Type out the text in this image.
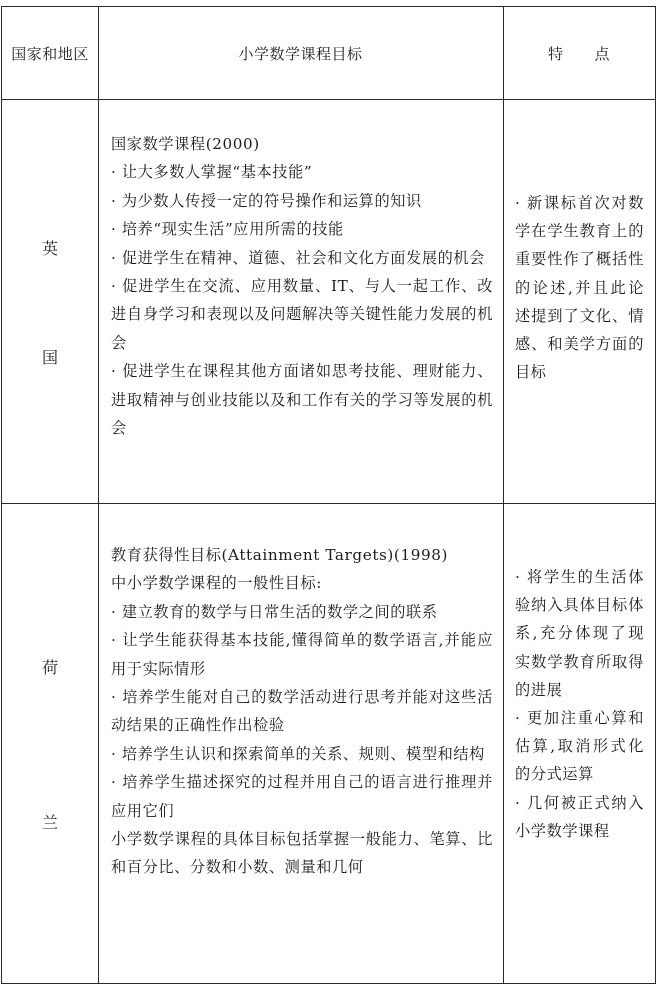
国家和地区	小学数学课程目标	特　　点
英
国

国家数学课程(2000)

· 让大多数人掌握“基本技能”

· 为少数人传授一定的符号操作和运算的知识

· 培养“现实生活”应用所需的技能

· 促进学生在精神、道德、社会和文化方面发展的机会

· 促进学生在交流、应用数量、IT、与人一起工作、改进自身学习和表现以及问题解决等关键性能力发展的机会

· 促进学生在课程其他方面诸如思考技能、理财能力、进取精神与创业技能以及和工作有关的学习等发展的机会

· 新课标首次对数学在学生教育上的重要性作了概括性的论述,并且此论述提到了文化、情感、和美学方面的目标

荷
兰

教育获得性目标(Attainment Targets)(1998)

中小学数学课程的一般性目标:

· 建立教育的数学与日常生活的数学之间的联系

· 让学生能获得基本技能,懂得简单的数学语言,并能应用于实际情形

· 培养学生能对自己的数学活动进行思考并能对这些活动结果的正确性作出检验

· 培养学生认识和探索简单的关系、规则、模型和结构

· 培养学生描述探究的过程并用自己的语言进行推理并应用它们

小学数学课程的具体目标包括掌握一般能力、笔算、比和百分比、分数和小数、测量和几何

· 将学生的生活体验纳入具体目标体系,充分体现了现实数学教育所取得的进展

· 更加注重心算和估算,取消形式化的分式运算

· 几何被正式纳入小学数学课程
